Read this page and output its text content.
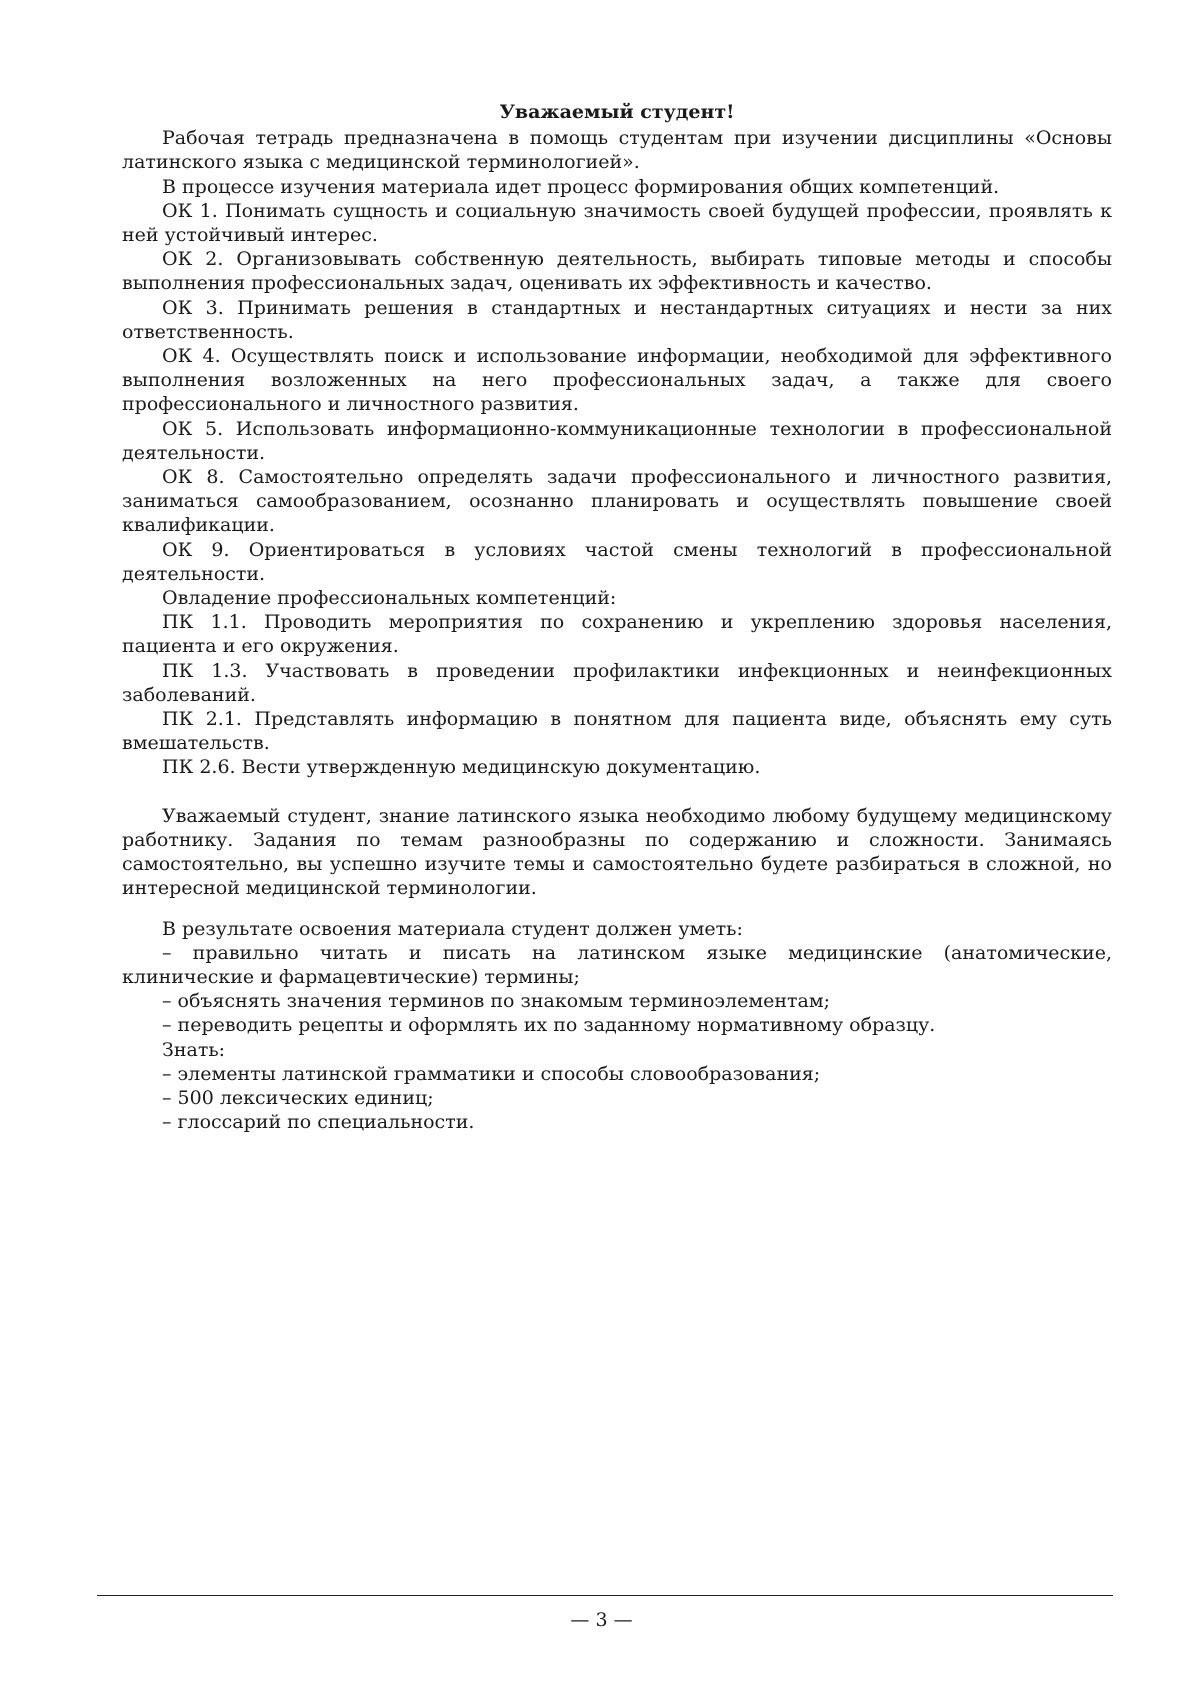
Уважаемый студент!

Рабочая тетрадь предназначена в помощь студентам при изучении дисциплины «Основы латинского языка с медицинской терминологией».

В процессе изучения материала идет процесс формирования общих компетенций.

ОК 1. Понимать сущность и социальную значимость своей будущей профессии, проявлять к ней устойчивый интерес.

ОК 2. Организовывать собственную деятельность, выбирать типовые методы и способы выполнения профессиональных задач, оценивать их эффективность и качество.

ОК 3. Принимать решения в стандартных и нестандартных ситуациях и нести за них ответственность.

ОК 4. Осуществлять поиск и использование информации, необходимой для эффективного выполнения возложенных на него профессиональных задач, а также для своего профессионального и личностного развития.

ОК 5. Использовать информационно-коммуникационные технологии в профессиональной деятельности.

ОК 8. Самостоятельно определять задачи профессионального и личностного развития, заниматься самообразованием, осознанно планировать и осуществлять повышение своей квалификации.

ОК 9. Ориентироваться в условиях частой смены технологий в профессиональной деятельности.

Овладение профессиональных компетенций:

ПК 1.1. Проводить мероприятия по сохранению и укреплению здоровья населения, пациента и его окружения.

ПК 1.3. Участвовать в проведении профилактики инфекционных и неинфекционных заболеваний.

ПК 2.1. Представлять информацию в понятном для пациента виде, объяснять ему суть вмешательств.

ПК 2.6. Вести утвержденную медицинскую документацию.

Уважаемый студент, знание латинского языка необходимо любому будущему медицинскому работнику. Задания по темам разнообразны по содержанию и сложности. Занимаясь самостоятельно, вы успешно изучите темы и самостоятельно будете разбираться в сложной, но интересной медицинской терминологии.

В результате освоения материала студент должен уметь:

– правильно читать и писать на латинском языке медицинские (анатомические, клинические и фармацевтические) термины;

– объяснять значения терминов по знакомым терминоэлементам;

– переводить рецепты и оформлять их по заданному нормативному образцу.

Знать:

– элементы латинской грамматики и способы словообразования;

– 500 лексических единиц;

– глоссарий по специальности.

— 3 —
